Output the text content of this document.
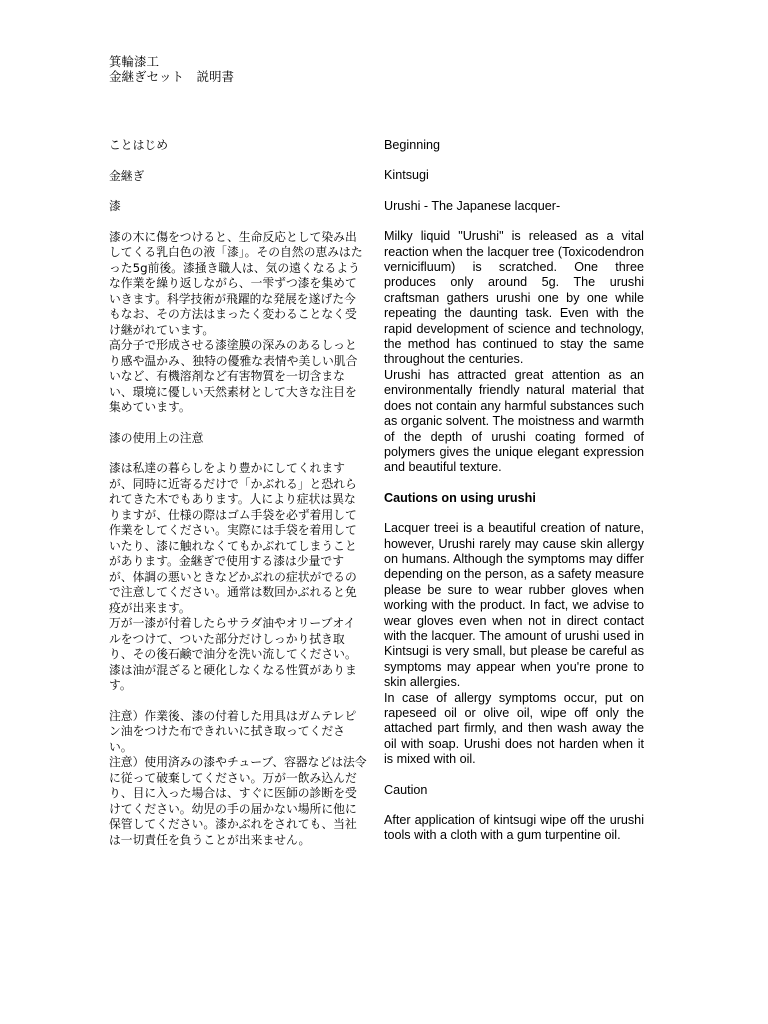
箕輪漆工

金継ぎセット　説明書

ことはじめ

金継ぎ

漆

漆の木に傷をつけると、生命反応として染み出してくる乳白色の液「漆」。その自然の恵みはたった5g前後。漆掻き職人は、気の遠くなるような作業を繰り返しながら、一雫ずつ漆を集めていきます。科学技術が飛躍的な発展を遂げた今もなお、その方法はまったく変わることなく受け継がれています。

高分子で形成させる漆塗膜の深みのあるしっとり感や温かみ、独特の優雅な表情や美しい肌合いなど、有機溶剤など有害物質を一切含まない、環境に優しい天然素材として大きな注目を集めています。

漆の使用上の注意

漆は私達の暮らしをより豊かにしてくれますが、同時に近寄るだけで「かぶれる」と恐れられてきた木でもあります。人により症状は異なりますが、仕様の際はゴム手袋を必ず着用して作業をしてください。実際には手袋を着用していたり、漆に触れなくてもかぶれてしまうことがあります。金継ぎで使用する漆は少量ですが、体調の悪いときなどかぶれの症状がでるので注意してください。通常は数回かぶれると免疫が出来ます。

万が一漆が付着したらサラダ油やオリーブオイルをつけて、ついた部分だけしっかり拭き取り、その後石鹸で油分を洗い流してください。漆は油が混ざると硬化しなくなる性質があります。

注意）作業後、漆の付着した用具はガムテレピン油をつけた布できれいに拭き取ってください。

注意）使用済みの漆やチューブ、容器などは法令に従って破棄してください。万が一飲み込んだり、目に入った場合は、すぐに医師の診断を受けてください。幼児の手の届かない場所に他に保管してください。漆かぶれをされても、当社は一切責任を負うことが出来ません。

Beginning

Kintsugi

Urushi - The Japanese lacquer-

Milky liquid "Urushi" is released as a vital reaction when the lacquer tree (Toxicodendron vernicifluum) is scratched. One three produces only around 5g. The urushi craftsman gathers urushi one by one while repeating the daunting task. Even with the rapid development of science and technology, the method has continued to stay the same throughout the centuries.

Urushi has attracted great attention as an environmentally friendly natural material that does not contain any harmful substances such as organic solvent. The moistness and warmth of the depth of urushi coating formed of polymers gives the unique elegant expression and beautiful texture.

Cautions on using urushi

Lacquer treei is a beautiful creation of nature, however, Urushi rarely may cause skin allergy on humans. Although the symptoms may differ depending on the person, as a safety measure please be sure to wear rubber gloves when working with the product. In fact, we advise to wear gloves even when not in direct contact with the lacquer. The amount of urushi used in Kintsugi is very small, but please be careful as symptoms may appear when you're prone to skin allergies.

In case of allergy symptoms occur, put on rapeseed oil or olive oil, wipe off only the attached part firmly, and then wash away the oil with soap. Urushi does not harden when it is mixed with oil.

Caution

After application of kintsugi wipe off the urushi tools with a cloth with a gum turpentine oil.
